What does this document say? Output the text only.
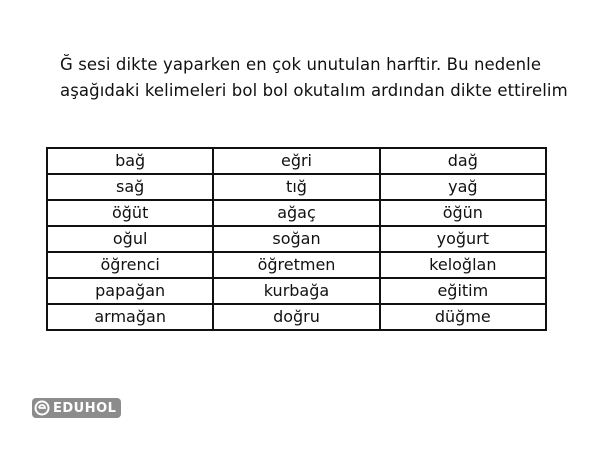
Ğ sesi dikte yaparken en çok unutulan harftir. Bu nedenle
aşağıdaki kelimeleri bol bol okutalım ardından dikte ettirelim

bağ	eğri	dağ
sağ	tığ	yağ
öğüt	ağaç	öğün
oğul	soğan	yoğurt
öğrenci	öğretmen	keloğlan
papağan	kurbağa	eğitim
armağan	doğru	düğme
EDUHOL
